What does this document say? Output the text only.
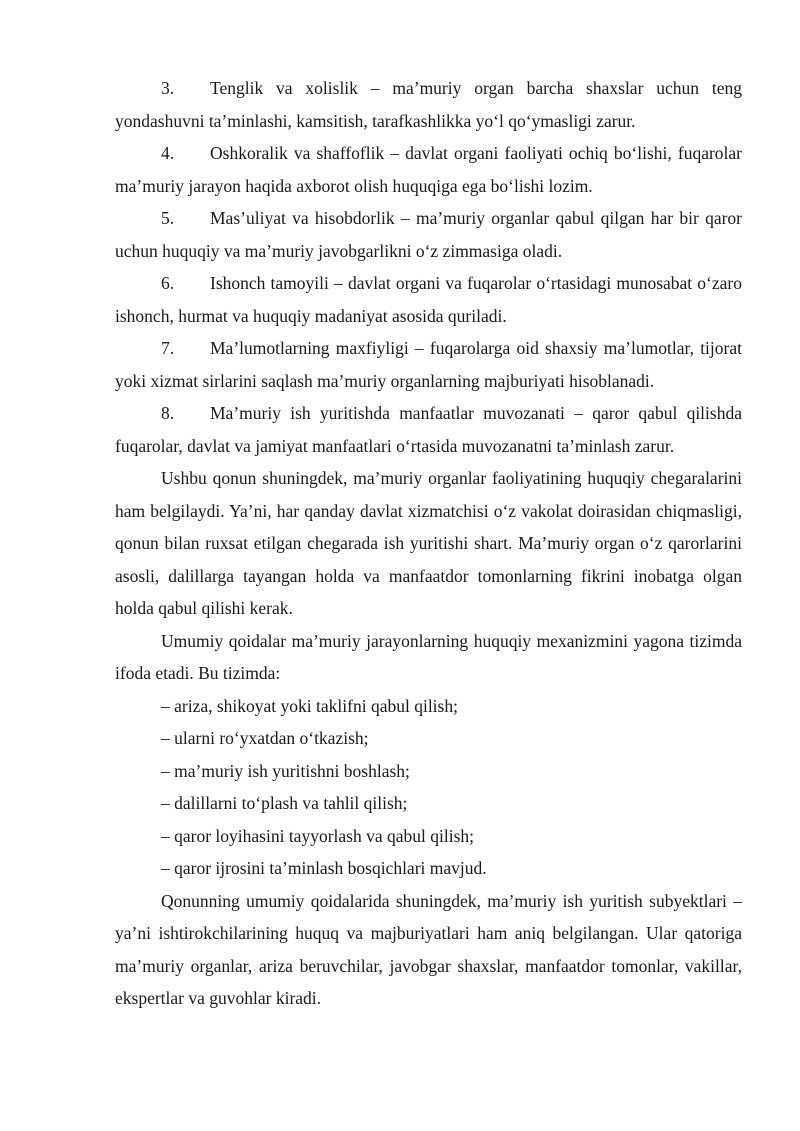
3. Tenglik va xolislik – ma’muriy organ barcha shaxslar uchun teng yondashuvni ta’minlashi, kamsitish, tarafkashlikka yo‘l qo‘ymasligi zarur.

4. Oshkoralik va shaffoflik – davlat organi faoliyati ochiq bo‘lishi, fuqarolar ma’muriy jarayon haqida axborot olish huquqiga ega bo‘lishi lozim.

5. Mas’uliyat va hisobdorlik – ma’muriy organlar qabul qilgan har bir qaror uchun huquqiy va ma’muriy javobgarlikni o‘z zimmasiga oladi.

6. Ishonch tamoyili – davlat organi va fuqarolar o‘rtasidagi munosabat o‘zaro ishonch, hurmat va huquqiy madaniyat asosida quriladi.

7. Ma’lumotlarning maxfiyligi – fuqarolarga oid shaxsiy ma’lumotlar, tijorat yoki xizmat sirlarini saqlash ma’muriy organlarning majburiyati hisoblanadi.

8. Ma’muriy ish yuritishda manfaatlar muvozanati – qaror qabul qilishda fuqarolar, davlat va jamiyat manfaatlari o‘rtasida muvozanatni ta’minlash zarur.

Ushbu qonun shuningdek, ma’muriy organlar faoliyatining huquqiy chegaralarini ham belgilaydi. Ya’ni, har qanday davlat xizmatchisi o‘z vakolat doirasidan chiqmasligi, qonun bilan ruxsat etilgan chegarada ish yuritishi shart. Ma’muriy organ o‘z qarorlarini asosli, dalillarga tayangan holda va manfaatdor tomonlarning fikrini inobatga olgan holda qabul qilishi kerak.

Umumiy qoidalar ma’muriy jarayonlarning huquqiy mexanizmini yagona tizimda ifoda etadi. Bu tizimda:

– ariza, shikoyat yoki taklifni qabul qilish;

– ularni ro‘yxatdan o‘tkazish;

– ma’muriy ish yuritishni boshlash;

– dalillarni to‘plash va tahlil qilish;

– qaror loyihasini tayyorlash va qabul qilish;

– qaror ijrosini ta’minlash bosqichlari mavjud.

Qonunning umumiy qoidalarida shuningdek, ma’muriy ish yuritish subyektlari – ya’ni ishtirokchilarining huquq va majburiyatlari ham aniq belgilangan. Ular qatoriga ma’muriy organlar, ariza beruvchilar, javobgar shaxslar, manfaatdor tomonlar, vakillar, ekspertlar va guvohlar kiradi.
